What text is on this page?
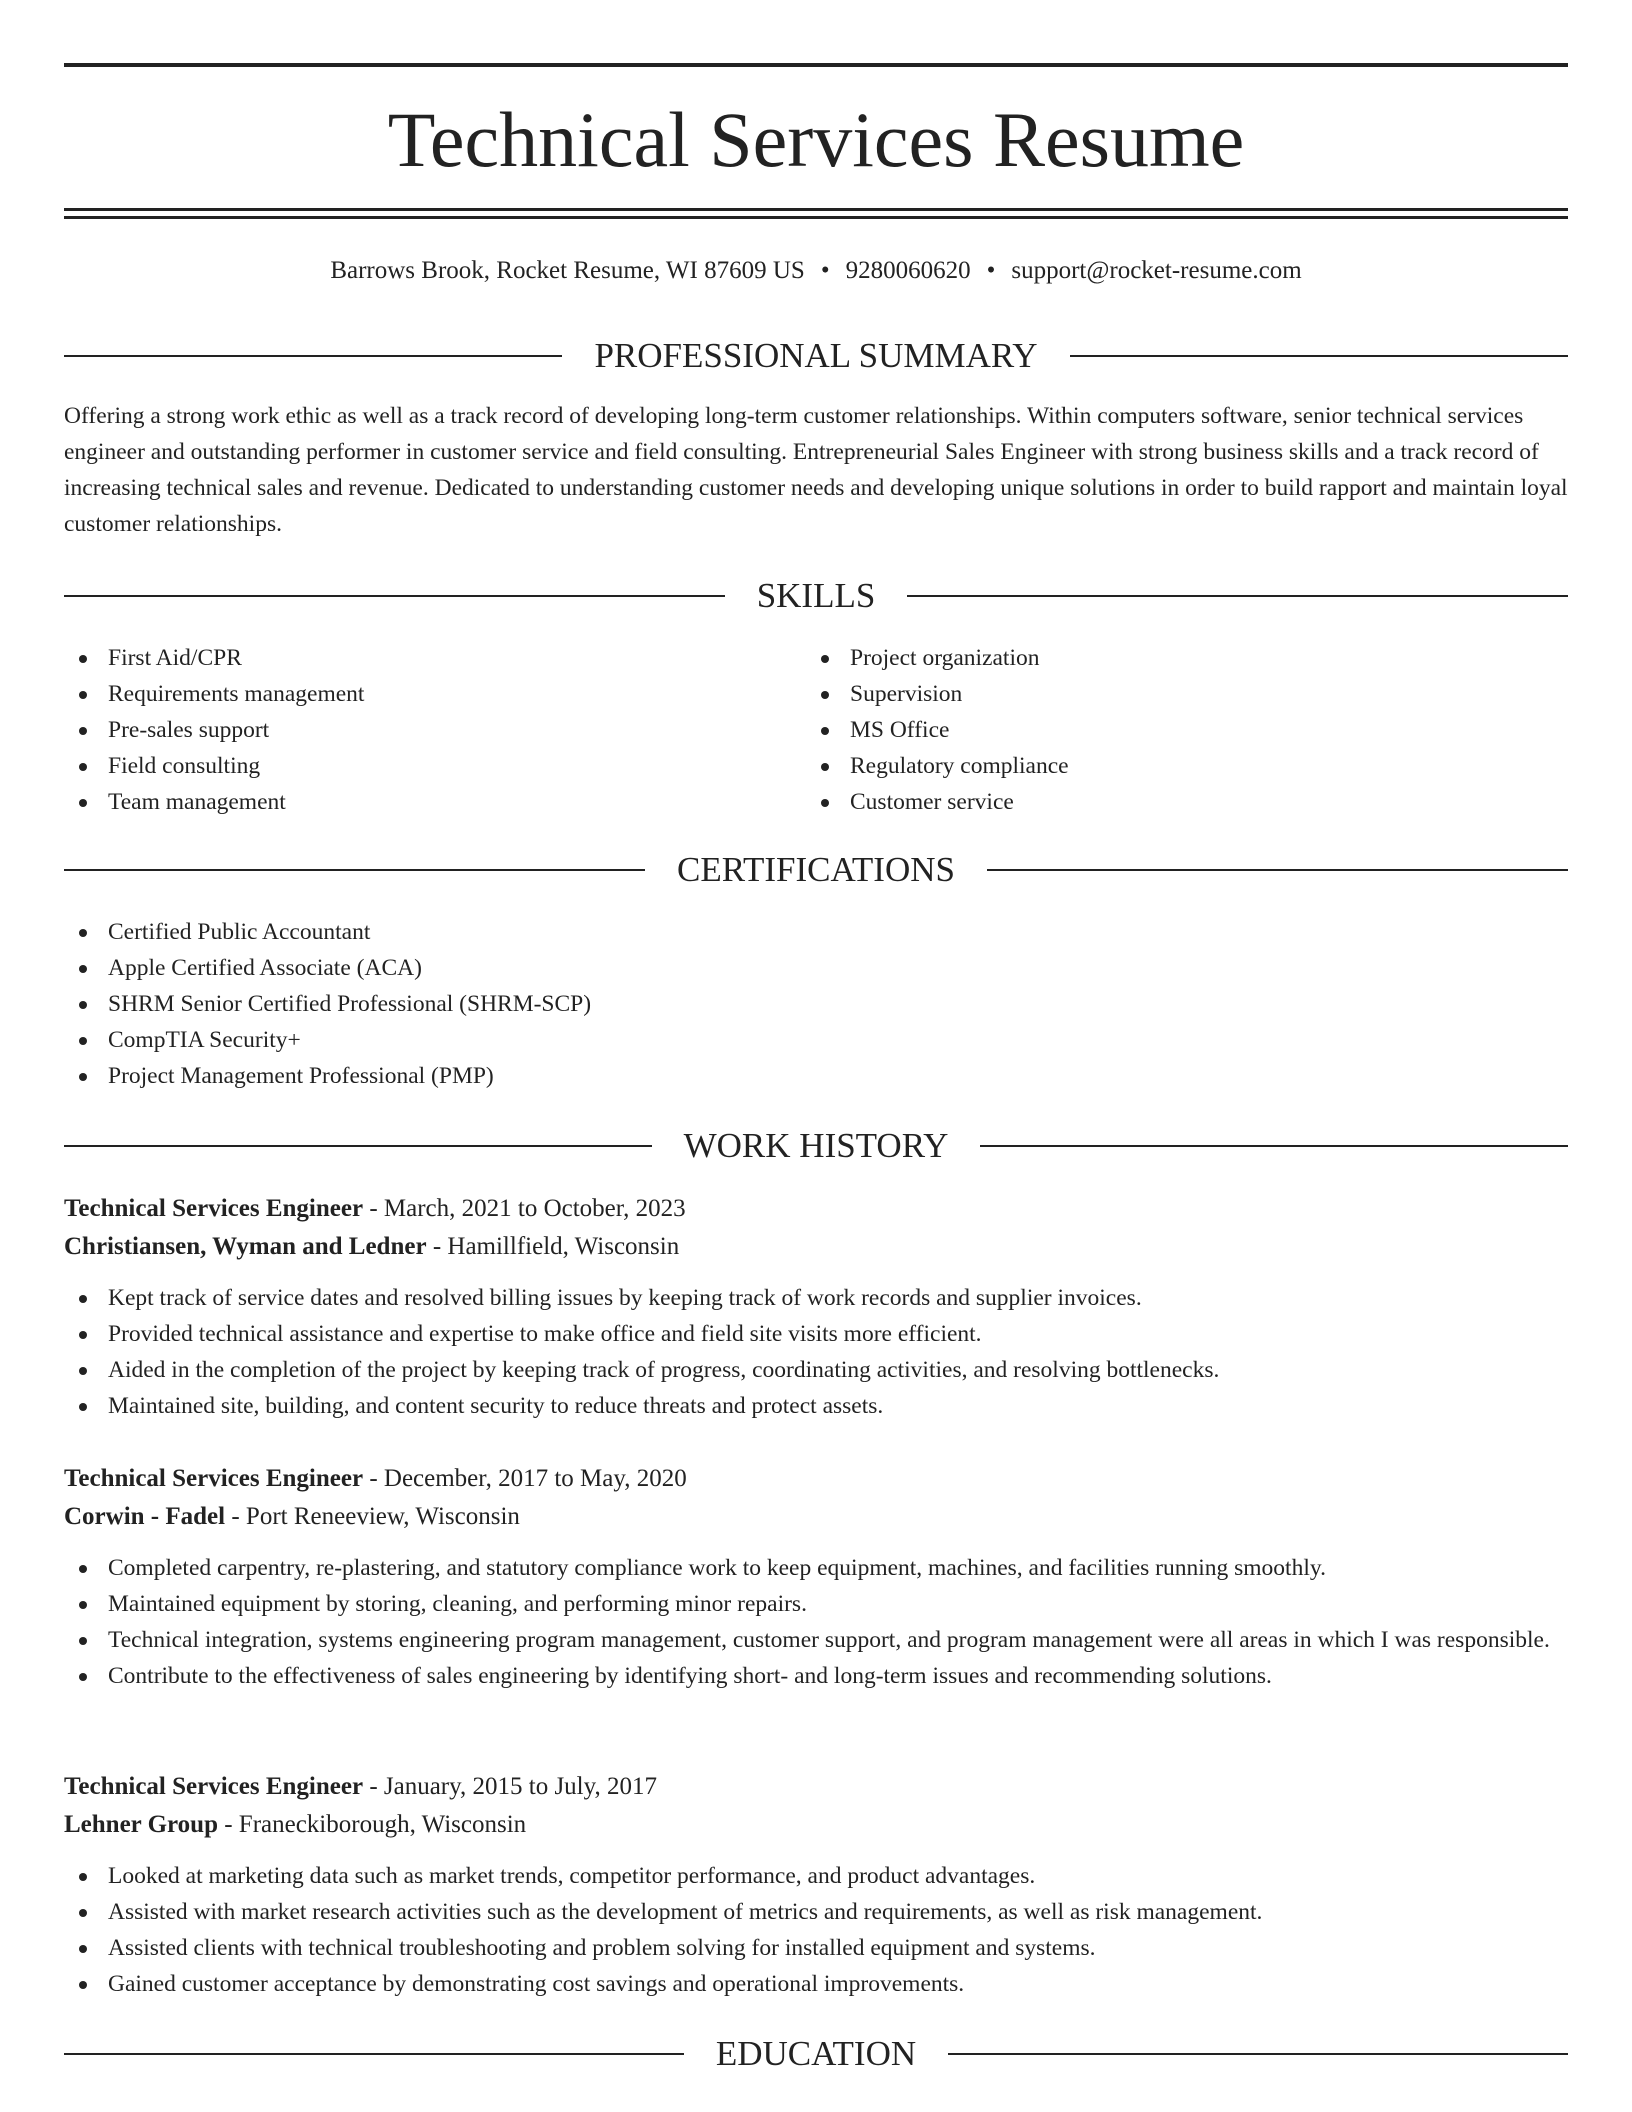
Technical Services Resume
Barrows Brook, Rocket Resume, WI 87609 US • 9280060620 • support@rocket-resume.com
PROFESSIONAL SUMMARY

Offering a strong work ethic as well as a track record of developing long-term customer relationships. Within computers software, senior technical services engineer and outstanding performer in customer service and field consulting. Entrepreneurial Sales Engineer with strong business skills and a track record of increasing technical sales and revenue. Dedicated to understanding customer needs and developing unique solutions in order to build rapport and maintain loyal customer relationships.

SKILLS
First Aid/CPR
Requirements management
Pre-sales support
Field consulting
Team management
Project organization
Supervision
MS Office
Regulatory compliance
Customer service
CERTIFICATIONS
Certified Public Accountant
Apple Certified Associate (ACA)
SHRM Senior Certified Professional (SHRM-SCP)
CompTIA Security+
Project Management Professional (PMP)
WORK HISTORY
Technical Services Engineer - March, 2021 to October, 2023
Christiansen, Wyman and Ledner - Hamillfield, Wisconsin
Kept track of service dates and resolved billing issues by keeping track of work records and supplier invoices.
Provided technical assistance and expertise to make office and field site visits more efficient.
Aided in the completion of the project by keeping track of progress, coordinating activities, and resolving bottlenecks.
Maintained site, building, and content security to reduce threats and protect assets.
Technical Services Engineer - December, 2017 to May, 2020
Corwin - Fadel - Port Reneeview, Wisconsin
Completed carpentry, re-plastering, and statutory compliance work to keep equipment, machines, and facilities running smoothly.
Maintained equipment by storing, cleaning, and performing minor repairs.
Technical integration, systems engineering program management, customer support, and program management were all areas in which I was responsible.
Contribute to the effectiveness of sales engineering by identifying short- and long-term issues and recommending solutions.
Technical Services Engineer - January, 2015 to July, 2017
Lehner Group - Franeckiborough, Wisconsin
Looked at marketing data such as market trends, competitor performance, and product advantages.
Assisted with market research activities such as the development of metrics and requirements, as well as risk management.
Assisted clients with technical troubleshooting and problem solving for installed equipment and systems.
Gained customer acceptance by demonstrating cost savings and operational improvements.
EDUCATION
